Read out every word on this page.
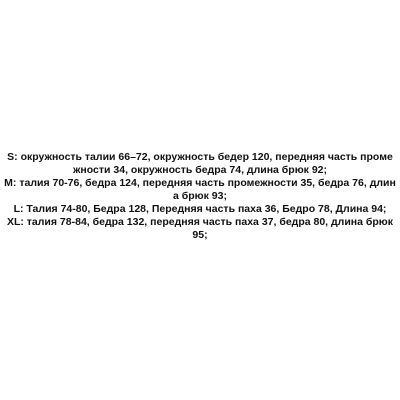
S: окружность талии 66–72, окружность бедер 120, передняя часть промежности 34, окружность бедра 74, длина брюк 92;

M: талия 70-76, бедра 124, передняя часть промежности 35, бедра 76, длина брюк 93;

L: Талия 74-80, Бедра 128, Передняя часть паха 36, Бедро 78, Длина 94;

XL: талия 78-84, бедра 132, передняя часть паха 37, бедра 80, длина брюк 95;
